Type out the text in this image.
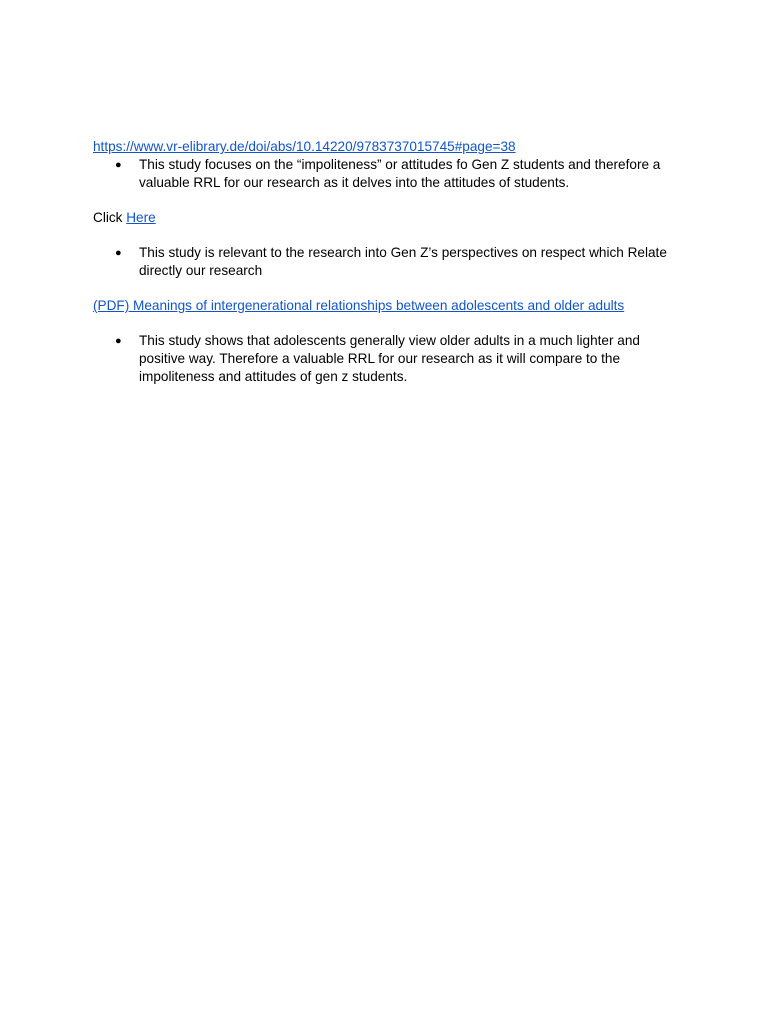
https://www.vr-elibrary.de/doi/abs/10.14220/9783737015745#page=38
● This study focuses on the “impoliteness” or attitudes fo Gen Z students and therefore a valuable RRL for our research as it delves into the attitudes of students.
Click Here
● This study is relevant to the research into Gen Z’s perspectives on respect which Relate directly our research
(PDF) Meanings of intergenerational relationships between adolescents and older adults
● This study shows that adolescents generally view older adults in a much lighter and positive way. Therefore a valuable RRL for our research as it will compare to the impoliteness and attitudes of gen z students.
